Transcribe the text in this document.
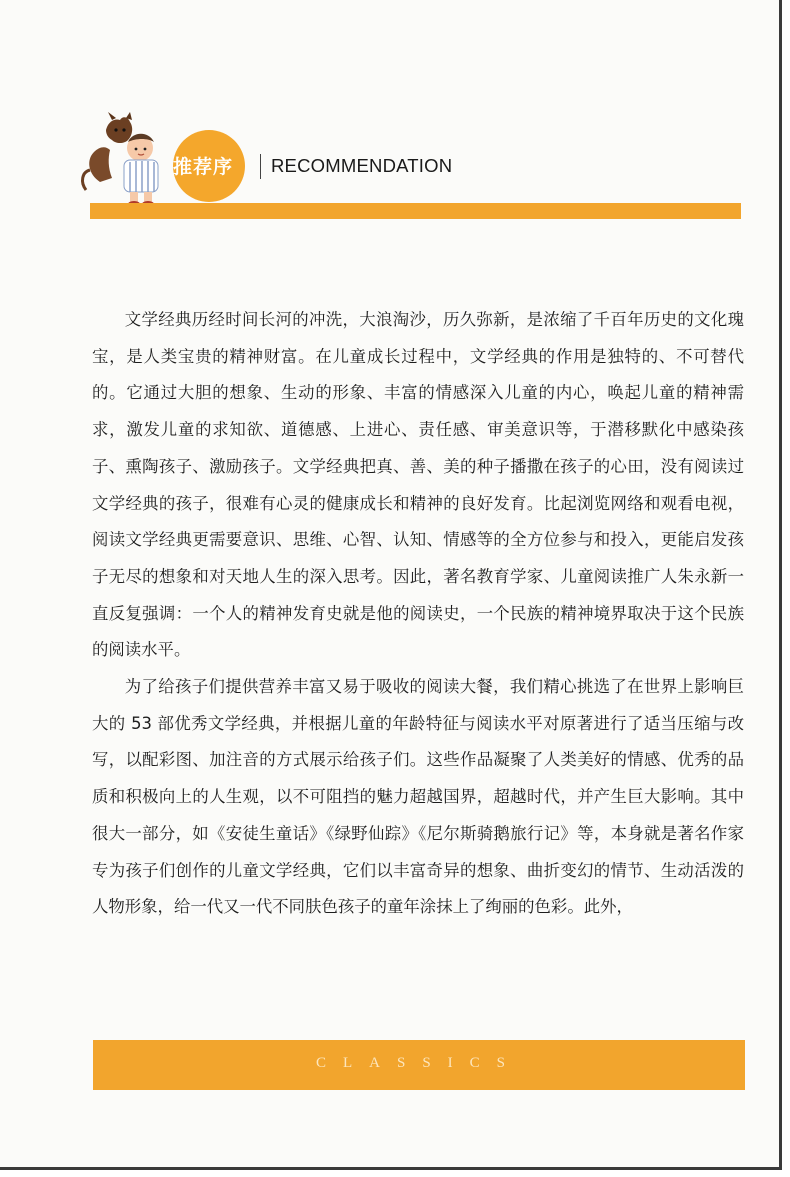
推荐序 RECOMMENDATION

文学经典历经时间长河的冲洗，大浪淘沙，历久弥新，是浓缩了千百年历史的文化瑰宝，是人类宝贵的精神财富。在儿童成长过程中，文学经典的作用是独特的、不可替代的。它通过大胆的想象、生动的形象、丰富的情感深入儿童的内心，唤起儿童的精神需求，激发儿童的求知欲、道德感、上进心、责任感、审美意识等，于潜移默化中感染孩子、熏陶孩子、激励孩子。文学经典把真、善、美的种子播撒在孩子的心田，没有阅读过文学经典的孩子，很难有心灵的健康成长和精神的良好发育。比起浏览网络和观看电视，阅读文学经典更需要意识、思维、心智、认知、情感等的全方位参与和投入，更能启发孩子无尽的想象和对天地人生的深入思考。因此，著名教育学家、儿童阅读推广人朱永新一直反复强调：一个人的精神发育史就是他的阅读史，一个民族的精神境界取决于这个民族的阅读水平。

为了给孩子们提供营养丰富又易于吸收的阅读大餐，我们精心挑选了在世界上影响巨大的 53 部优秀文学经典，并根据儿童的年龄特征与阅读水平对原著进行了适当压缩与改写，以配彩图、加注音的方式展示给孩子们。这些作品凝聚了人类美好的情感、优秀的品质和积极向上的人生观，以不可阻挡的魅力超越国界，超越时代，并产生巨大影响。其中很大一部分，如《安徒生童话》《绿野仙踪》《尼尔斯骑鹅旅行记》等，本身就是著名作家专为孩子们创作的儿童文学经典，它们以丰富奇异的想象、曲折变幻的情节、生动活泼的人物形象，给一代又一代不同肤色孩子的童年涂抹上了绚丽的色彩。此外，

CLASSICS
